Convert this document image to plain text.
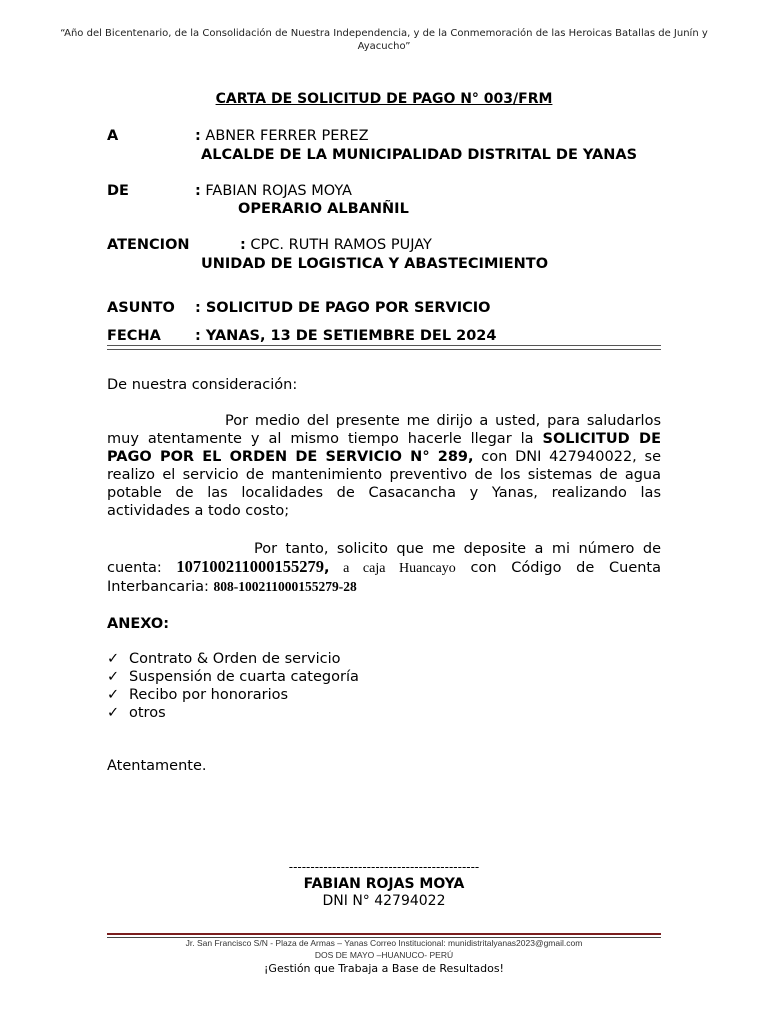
“Año del Bicentenario, de la Consolidación de Nuestra Independencia, y de la Conmemoración de las Heroicas Batallas de Junín y Ayacucho”
CARTA DE SOLICITUD DE PAGO N° 003/FRM
A	: ABNER FERRER PEREZ
ALCALDE DE LA MUNICIPALIDAD DISTRITAL DE YANAS
DE	: FABIAN ROJAS MOYA
OPERARIO ALBANÑIL
ATENCION	: CPC. RUTH RAMOS PUJAY
UNIDAD DE LOGISTICA Y ABASTECIMIENTO
ASUNTO : SOLICITUD DE PAGO POR SERVICIO
FECHA : YANAS, 13 DE SETIEMBRE DEL 2024
De nuestra consideración:
Por medio del presente me dirijo a usted, para saludarlos muy atentamente y al mismo tiempo hacerle llegar la SOLICITUD DE PAGO POR EL ORDEN DE SERVICIO N° 289, con DNI 427940022, se realizo el servicio de mantenimiento preventivo de los sistemas de agua potable de las localidades de Casacancha y Yanas, realizando las actividades a todo costo;
Por tanto, solicito que me deposite a mi número de cuenta: 107100211000155279, a caja Huancayo con Código de Cuenta Interbancaria: 808-100211000155279-28
ANEXO:
✓ Contrato & Orden de servicio
✓ Suspensión de cuarta categoría
✓ Recibo por honorarios
✓ otros
Atentamente.
--------------------------------------------
FABIAN ROJAS MOYA
DNI N° 42794022
Jr. San Francisco S/N - Plaza de Armas – Yanas Correo Institucional: munidistritalyanas2023@gmail.com
DOS DE MAYO –HUANUCO- PERÚ
¡Gestión que Trabaja a Base de Resultados!
